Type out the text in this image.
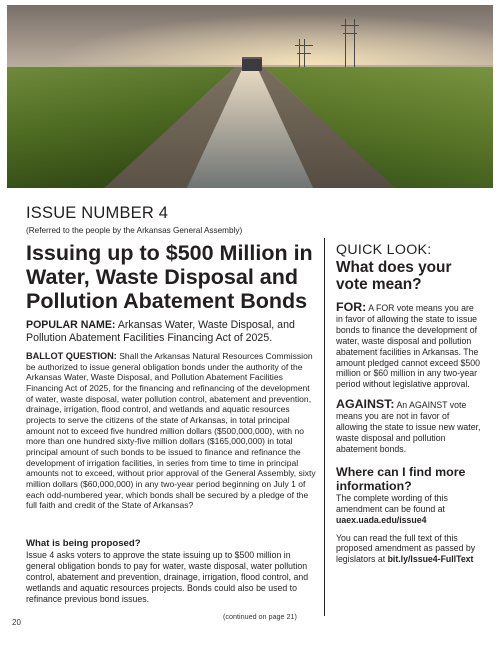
ISSUE NUMBER 4
(Referred to the people by the Arkansas General Assembly)
Issuing up to $500 Million in Water, Waste Disposal and Pollution Abatement Bonds
POPULAR NAME: Arkansas Water, Waste Disposal, and Pollution Abatement Facilities Financing Act of 2025.
BALLOT QUESTION: Shall the Arkansas Natural Resources Commission be authorized to issue general obligation bonds under the authority of the Arkansas Water, Waste Disposal, and Pollution Abatement Facilities Financing Act of 2025, for the financing and refinancing of the development of water, waste disposal, water pollution control, abatement and prevention, drainage, irrigation, flood control, and wetlands and aquatic resources projects to serve the citizens of the state of Arkansas, in total principal amount not to exceed five hundred million dollars ($500,000,000), with no more than one hundred sixty-five million dollars ($165,000,000) in total principal amount of such bonds to be issued to finance and refinance the development of irrigation facilities, in series from time to time in principal amounts not to exceed, without prior approval of the General Assembly, sixty million dollars ($60,000,000) in any two-year period beginning on July 1 of each odd-numbered year, which bonds shall be secured by a pledge of the full faith and credit of the State of Arkansas?
What is being proposed?
Issue 4 asks voters to approve the state issuing up to $500 million in general obligation bonds to pay for water, waste disposal, water pollution control, abatement and prevention, drainage, irrigation, flood control, and wetlands and aquatic resources projects. Bonds could also be used to refinance previous bond issues.
(continued on page 21)
20
QUICK LOOK:
What does your vote mean?
FOR: A FOR vote means you are in favor of allowing the state to issue bonds to finance the development of water, waste disposal and pollution abatement facilities in Arkansas. The amount pledged cannot exceed $500 million or $60 million in any two-year period without legislative approval.
AGAINST: An AGAINST vote means you are not in favor of allowing the state to issue new water, waste disposal and pollution abatement bonds.
Where can I find more information?
The complete wording of this amendment can be found at uaex.uada.edu/issue4
You can read the full text of this proposed amendment as passed by legislators at bit.ly/Issue4-FullText
